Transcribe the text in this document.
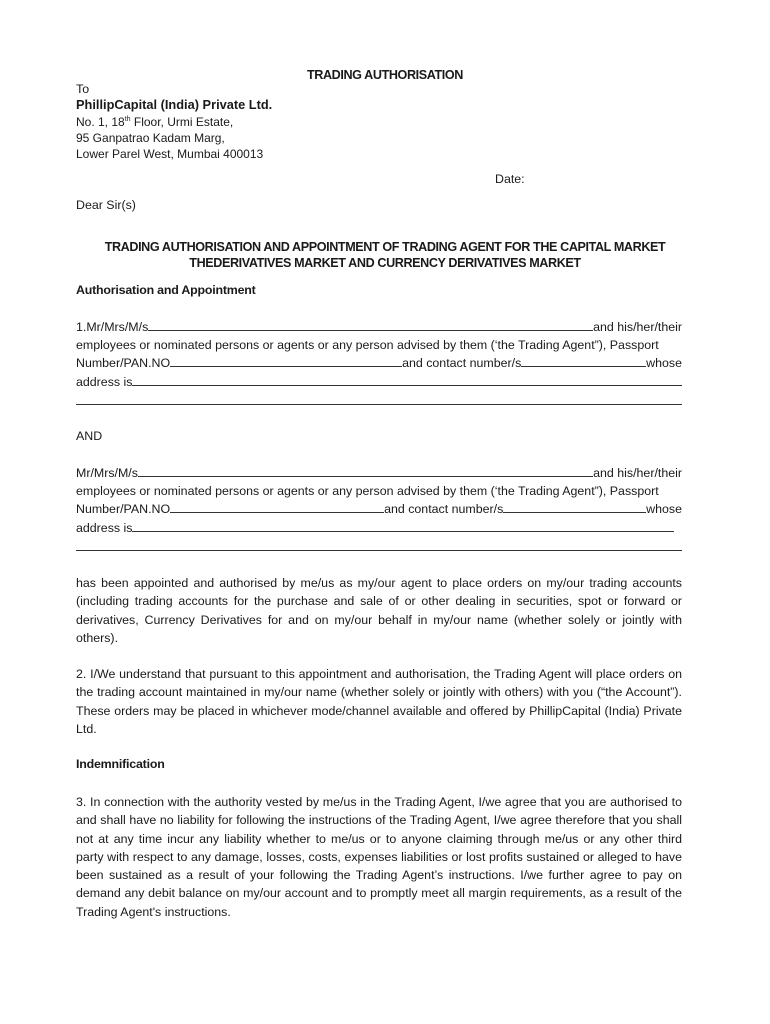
TRADING AUTHORISATION
To
PhillipCapital (India) Private Ltd.
No. 1, 18th Floor, Urmi Estate,
95 Ganpatrao Kadam Marg,
Lower Parel West, Mumbai 400013
Date:
Dear Sir(s)
TRADING AUTHORISATION AND APPOINTMENT OF TRADING AGENT FOR THE CAPITAL MARKET
THEDERIVATIVES MARKET AND CURRENCY DERIVATIVES MARKET
Authorisation and Appointment
1.Mr/Mrs/M/s	and his/her/their
employees or nominated persons or agents or any person advised by them (‘the Trading Agent”), Passport
Number/PAN.NO	and contact number/s	whose
address is
AND
Mr/Mrs/M/s	and his/her/their
employees or nominated persons or agents or any person advised by them (‘the Trading Agent”), Passport
Number/PAN.NO	and contact number/s	whose
address is
has been appointed and authorised by me/us as my/our agent to place orders on my/our trading accounts (including trading accounts for the purchase and sale of or other dealing in securities, spot or forward or derivatives, Currency Derivatives for and on my/our behalf in my/our name (whether solely or jointly with others).
2. I/We understand that pursuant to this appointment and authorisation, the Trading Agent will place orders on the trading account maintained in my/our name (whether solely or jointly with others) with you (“the Account”). These orders may be placed in whichever mode/channel available and offered by PhillipCapital (India) Private Ltd.
Indemnification
3. In connection with the authority vested by me/us in the Trading Agent, I/we agree that you are authorised to and shall have no liability for following the instructions of the Trading Agent, I/we agree therefore that you shall not at any time incur any liability whether to me/us or to anyone claiming through me/us or any other third party with respect to any damage, losses, costs, expenses liabilities or lost profits sustained or alleged to have been sustained as a result of your following the Trading Agent’s instructions. I/we further agree to pay on demand any debit balance on my/our account and to promptly meet all margin requirements, as a result of the Trading Agent's instructions.
